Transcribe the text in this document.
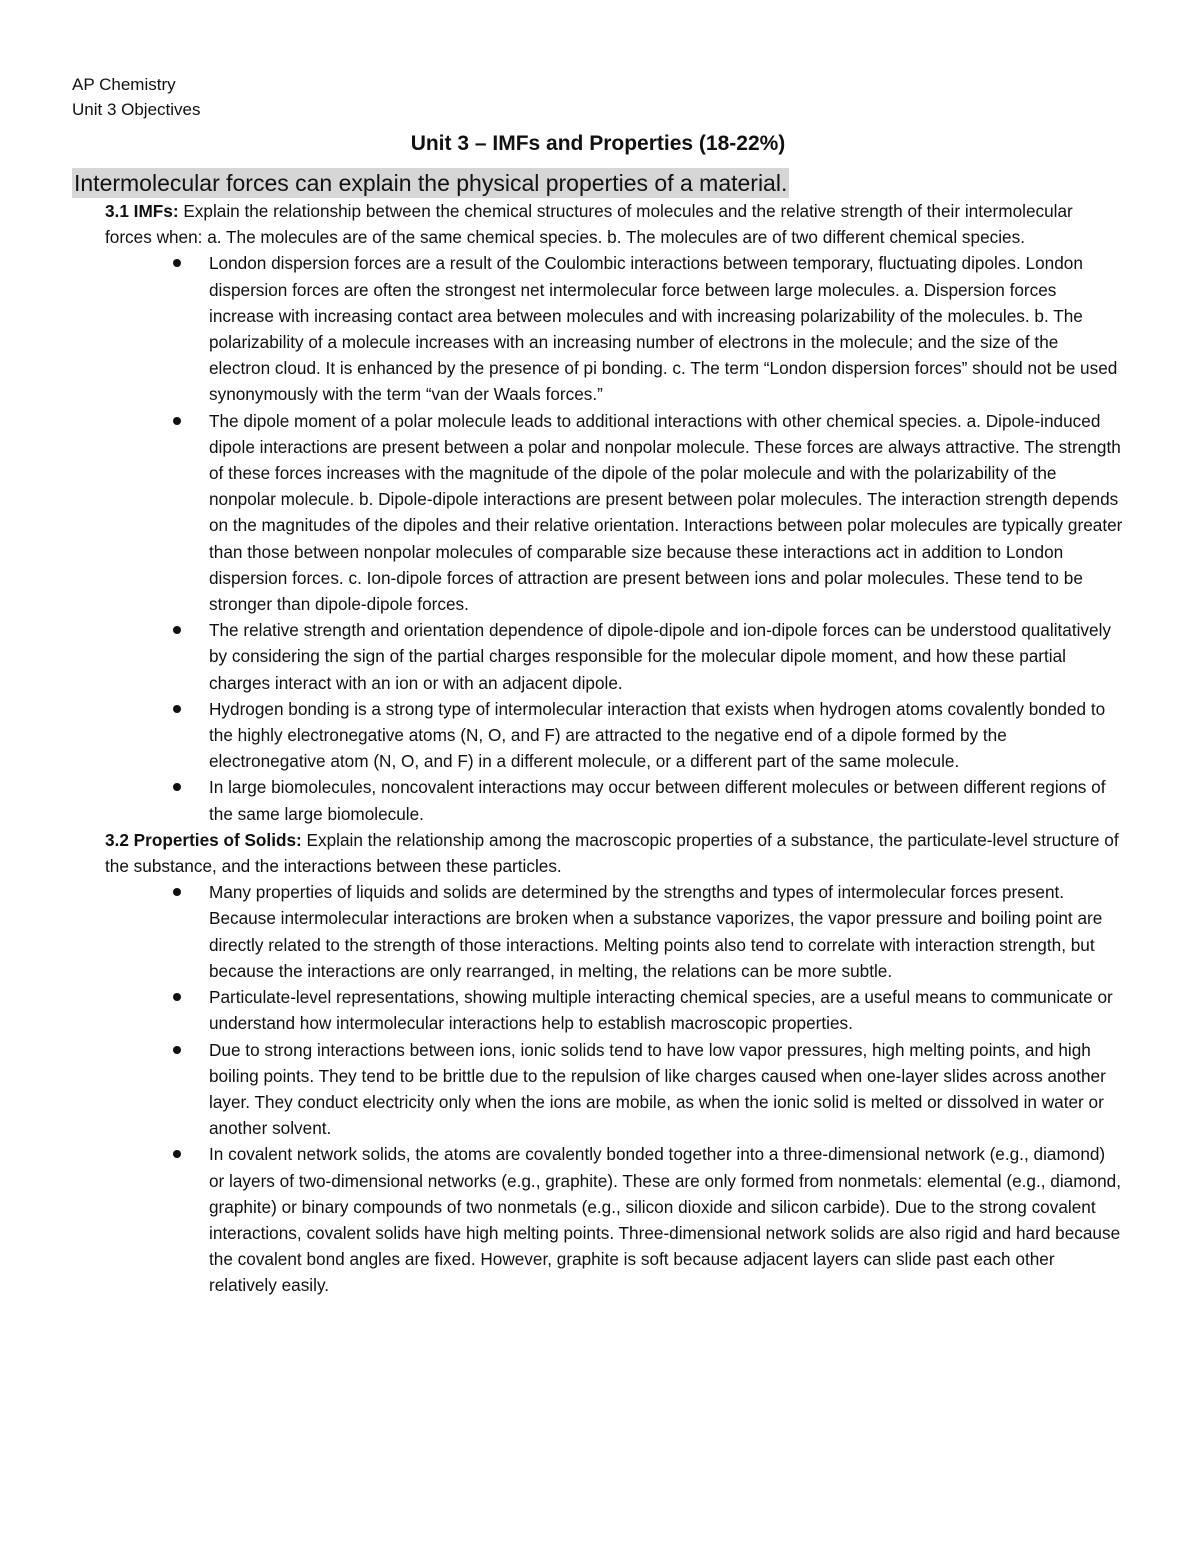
AP Chemistry
Unit 3 Objectives
Unit 3 – IMFs and Properties (18-22%)
Intermolecular forces can explain the physical properties of a material.

3.1 IMFs: Explain the relationship between the chemical structures of molecules and the relative strength of their intermolecular forces when: a. The molecules are of the same chemical species. b. The molecules are of two different chemical species.

London dispersion forces are a result of the Coulombic interactions between temporary, fluctuating dipoles. London dispersion forces are often the strongest net intermolecular force between large molecules. a. Dispersion forces increase with increasing contact area between molecules and with increasing polarizability of the molecules. b. The polarizability of a molecule increases with an increasing number of electrons in the molecule; and the size of the electron cloud. It is enhanced by the presence of pi bonding. c. The term “London dispersion forces” should not be used synonymously with the term “van der Waals forces.”
The dipole moment of a polar molecule leads to additional interactions with other chemical species. a. Dipole-induced dipole interactions are present between a polar and nonpolar molecule. These forces are always attractive. The strength of these forces increases with the magnitude of the dipole of the polar molecule and with the polarizability of the nonpolar molecule. b. Dipole-dipole interactions are present between polar molecules. The interaction strength depends on the magnitudes of the dipoles and their relative orientation. Interactions between polar molecules are typically greater than those between nonpolar molecules of comparable size because these interactions act in addition to London dispersion forces. c. Ion-dipole forces of attraction are present between ions and polar molecules. These tend to be stronger than dipole-dipole forces.
The relative strength and orientation dependence of dipole-dipole and ion-dipole forces can be understood qualitatively by considering the sign of the partial charges responsible for the molecular dipole moment, and how these partial charges interact with an ion or with an adjacent dipole.
Hydrogen bonding is a strong type of intermolecular interaction that exists when hydrogen atoms covalently bonded to the highly electronegative atoms (N, O, and F) are attracted to the negative end of a dipole formed by the electronegative atom (N, O, and F) in a different molecule, or a different part of the same molecule.
In large biomolecules, noncovalent interactions may occur between different molecules or between different regions of the same large biomolecule.

3.2 Properties of Solids: Explain the relationship among the macroscopic properties of a substance, the particulate-level structure of the substance, and the interactions between these particles.

Many properties of liquids and solids are determined by the strengths and types of intermolecular forces present. Because intermolecular interactions are broken when a substance vaporizes, the vapor pressure and boiling point are directly related to the strength of those interactions. Melting points also tend to correlate with interaction strength, but because the interactions are only rearranged, in melting, the relations can be more subtle.
Particulate-level representations, showing multiple interacting chemical species, are a useful means to communicate or understand how intermolecular interactions help to establish macroscopic properties.
Due to strong interactions between ions, ionic solids tend to have low vapor pressures, high melting points, and high boiling points. They tend to be brittle due to the repulsion of like charges caused when one-layer slides across another layer. They conduct electricity only when the ions are mobile, as when the ionic solid is melted or dissolved in water or another solvent.
In covalent network solids, the atoms are covalently bonded together into a three-dimensional network (e.g., diamond) or layers of two-dimensional networks (e.g., graphite). These are only formed from nonmetals: elemental (e.g., diamond, graphite) or binary compounds of two nonmetals (e.g., silicon dioxide and silicon carbide). Due to the strong covalent interactions, covalent solids have high melting points. Three-dimensional network solids are also rigid and hard because the covalent bond angles are fixed. However, graphite is soft because adjacent layers can slide past each other relatively easily.
